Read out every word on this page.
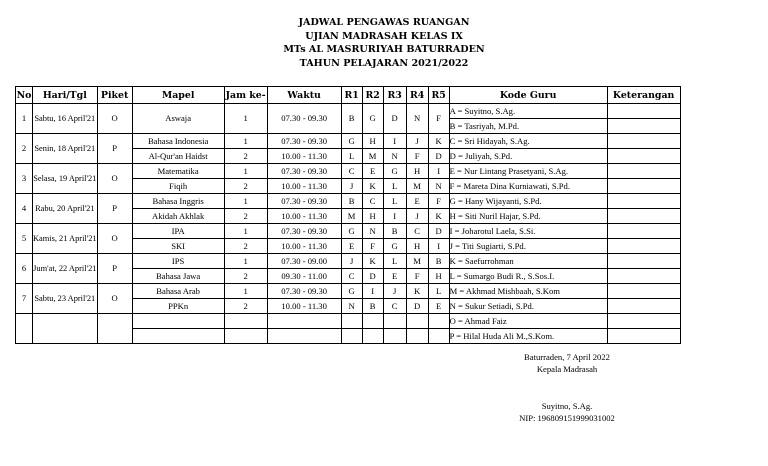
JADWAL PENGAWAS RUANGAN
UJIAN MADRASAH KELAS IX
MTs AL MASRURIYAH BATURRADEN
TAHUN PELAJARAN 2021/2022
No	Hari/Tgl	Piket	Mapel	Jam ke-	Waktu	R1	R2	R3	R4	R5	Kode Guru	Keterangan
1	Sabtu, 16 April'21	O	Aswaja	1	07.30 - 09.30	B	G	D	N	F	A = Suyitno, S.Ag.	
											B = Tasriyah, M.Pd.	
2	Senin, 18 April'21	P	Bahasa Indonesia	1	07.30 - 09.30	G	H	I	J	K	C = Sri Hidayah, S.Ag.	
			Al-Qur'an Haidst	2	10.00 - 11.30	L	M	N	F	D	D = Juliyah, S.Pd.	
3	Selasa, 19 April'21	O	Matematika	1	07.30 - 09.30	C	E	G	H	I	E = Nur Lintang Prasetyani, S.Ag.	
			Fiqih	2	10.00 - 11.30	J	K	L	M	N	F = Mareta Dina Kurniawati, S.Pd.	
4	Rabu, 20 April'21	P	Bahasa Inggris	1	07.30 - 09.30	B	C	L	E	F	G = Hany Wijayanti, S.Pd.	
			Akidah Akhlak	2	10.00 - 11.30	M	H	I	J	K	H = Siti Nuril Hajar, S.Pd.	
5	Kamis, 21 April'21	O	IPA	1	07.30 - 09.30	G	N	B	C	D	I = Joharotul Laela, S.Si.	
			SKI	2	10.00 - 11.30	E	F	G	H	I	J = Titi Sugiarti, S.Pd.	
6	Jum'at, 22 April'21	P	IPS	1	07.30 - 09.00	J	K	L	M	B	K = Saefurrohman	
			Bahasa Jawa	2	09.30 - 11.00	C	D	E	F	H	L = Sumargo Budi R., S.Sos.I.	
7	Sabtu, 23 April'21	O	Bahasa Arab	1	07.30 - 09.30	G	I	J	K	L	M = Akhmad Mishbaah, S.Kom	
			PPKn	2	10.00 - 11.30	N	B	C	D	E	N = Sukur Setiadi, S.Pd.	
											O = Ahmad Faiz	
											P = Hilal Huda Ali M.,S.Kom.	
Baturraden, 7 April 2022
Kepala Madrasah
Suyitno, S.Ag.
NIP: 196809151999031002
